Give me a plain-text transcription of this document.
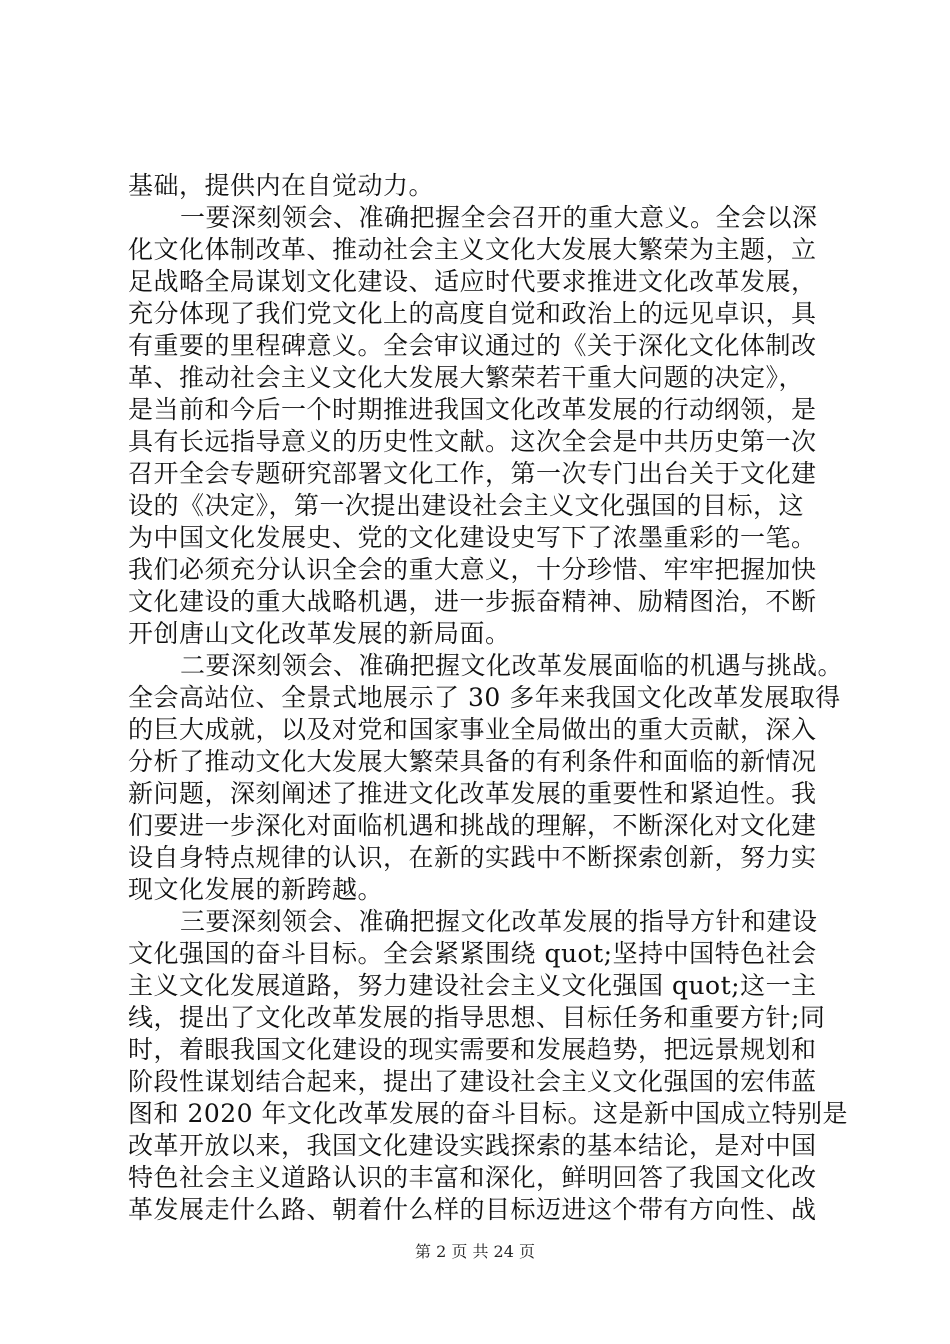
基础，提供内在自觉动力。
一要深刻领会、准确把握全会召开的重大意义。全会以深
化文化体制改革、推动社会主义文化大发展大繁荣为主题，立
足战略全局谋划文化建设、适应时代要求推进文化改革发展，
充分体现了我们党文化上的高度自觉和政治上的远见卓识，具
有重要的里程碑意义。全会审议通过的《关于深化文化体制改
革、推动社会主义文化大发展大繁荣若干重大问题的决定》，
是当前和今后一个时期推进我国文化改革发展的行动纲领，是
具有长远指导意义的历史性文献。这次全会是中共历史第一次
召开全会专题研究部署文化工作，第一次专门出台关于文化建
设的《决定》，第一次提出建设社会主义文化强国的目标，这
为中国文化发展史、党的文化建设史写下了浓墨重彩的一笔。
我们必须充分认识全会的重大意义，十分珍惜、牢牢把握加快
文化建设的重大战略机遇，进一步振奋精神、励精图治，不断
开创唐山文化改革发展的新局面。
二要深刻领会、准确把握文化改革发展面临的机遇与挑战。
全会高站位、全景式地展示了 30 多年来我国文化改革发展取得
的巨大成就，以及对党和国家事业全局做出的重大贡献，深入
分析了推动文化大发展大繁荣具备的有利条件和面临的新情况
新问题，深刻阐述了推进文化改革发展的重要性和紧迫性。我
们要进一步深化对面临机遇和挑战的理解，不断深化对文化建
设自身特点规律的认识，在新的实践中不断探索创新，努力实
现文化发展的新跨越。
三要深刻领会、准确把握文化改革发展的指导方针和建设
文化强国的奋斗目标。全会紧紧围绕 quot;坚持中国特色社会
主义文化发展道路，努力建设社会主义文化强国 quot;这一主
线，提出了文化改革发展的指导思想、目标任务和重要方针;同
时，着眼我国文化建设的现实需要和发展趋势，把远景规划和
阶段性谋划结合起来，提出了建设社会主义文化强国的宏伟蓝
图和 2020 年文化改革发展的奋斗目标。这是新中国成立特别是
改革开放以来，我国文化建设实践探索的基本结论，是对中国
特色社会主义道路认识的丰富和深化，鲜明回答了我国文化改
革发展走什么路、朝着什么样的目标迈进这个带有方向性、战
第 2 页 共 24 页
